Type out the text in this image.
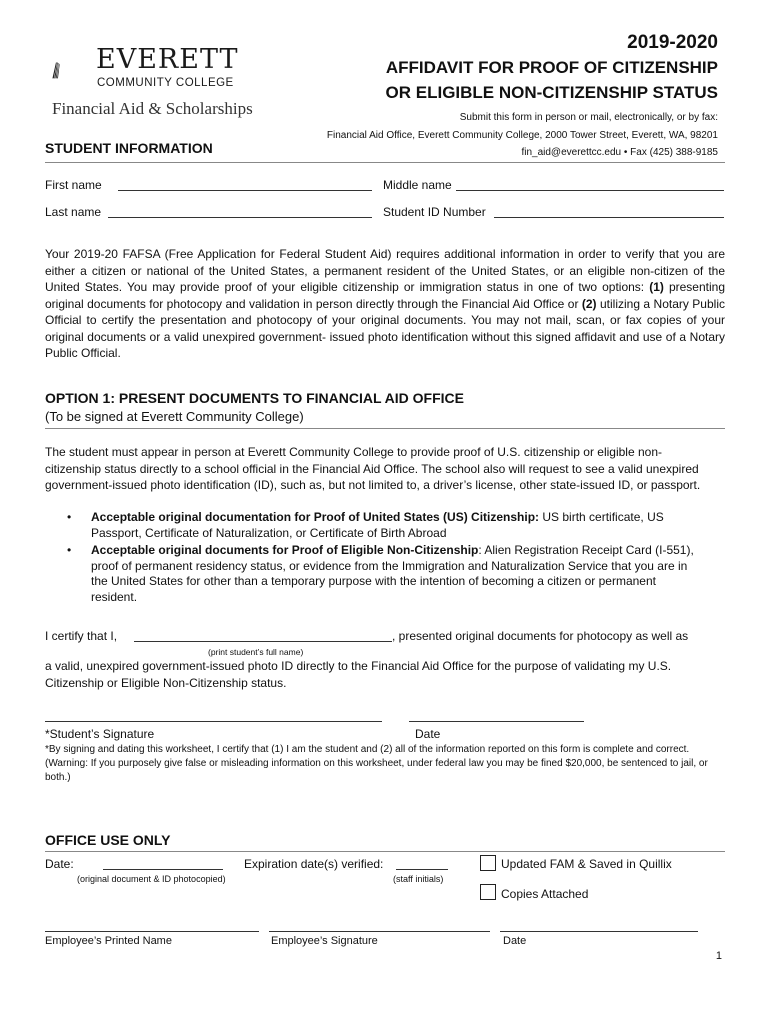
EVERETT
COMMUNITY COLLEGE
Financial Aid & Scholarships
2019-2020
AFFIDAVIT FOR PROOF OF CITIZENSHIP
OR ELIGIBLE NON-CITIZENSHIP STATUS
Submit this form in person or mail, electronically, or by fax:
Financial Aid Office, Everett Community College, 2000 Tower Street, Everett, WA, 98201
fin_aid@everettcc.edu • Fax (425) 388-9185
STUDENT INFORMATION
First name	Middle name
Last name	Student ID Number
Your 2019-20 FAFSA (Free Application for Federal Student Aid) requires additional information in order to verify that you are either a citizen or national of the United States, a permanent resident of the United States, or an eligible non-citizen of the United States. You may provide proof of your eligible citizenship or immigration status in one of two options: (1) presenting original documents for photocopy and validation in person directly through the Financial Aid Office or (2) utilizing a Notary Public Official to certify the presentation and photocopy of your original documents. You may not mail, scan, or fax copies of your original documents or a valid unexpired government- issued photo identification without this signed affidavit and use of a Notary Public Official.
OPTION 1: PRESENT DOCUMENTS TO FINANCIAL AID OFFICE
(To be signed at Everett Community College)
The student must appear in person at Everett Community College to provide proof of U.S. citizenship or eligible non-citizenship status directly to a school official in the Financial Aid Office. The school also will request to see a valid unexpired government-issued photo identification (ID), such as, but not limited to, a driver’s license, other state-issued ID, or passport.
• Acceptable original documentation for Proof of United States (US) Citizenship: US birth certificate, US Passport, Certificate of Naturalization, or Certificate of Birth Abroad
• Acceptable original documents for Proof of Eligible Non-Citizenship: Alien Registration Receipt Card (I-551), proof of permanent residency status, or evidence from the Immigration and Naturalization Service that you are in the United States for other than a temporary purpose with the intention of becoming a citizen or permanent resident.
I certify that I,	, presented original documents for photocopy as well as
(print student’s full name)
a valid, unexpired government-issued photo ID directly to the Financial Aid Office for the purpose of validating my U.S. Citizenship or Eligible Non-Citizenship status.
*Student’s Signature	Date
*By signing and dating this worksheet, I certify that (1) I am the student and (2) all of the information reported on this form is complete and correct. (Warning: If you purposely give false or misleading information on this worksheet, under federal law you may be fined $20,000, be sentenced to jail, or both.)
OFFICE USE ONLY
Date:
(original document & ID photocopied)
Expiration date(s) verified:
(staff initials)
Updated FAM & Saved in Quillix
Copies Attached
Employee’s Printed Name	Employee’s Signature	Date
1
